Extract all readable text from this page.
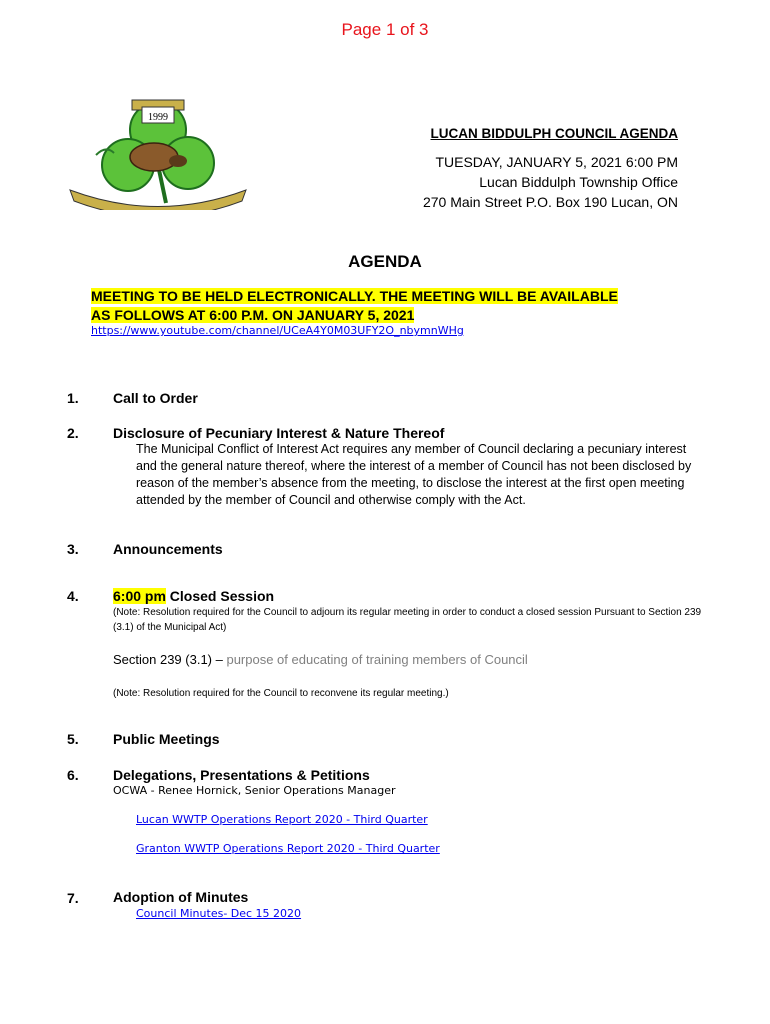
Page 1 of 3
1999
LUCAN BIDDULPH COUNCIL AGENDA
TUESDAY, JANUARY 5, 2021 6:00 PM
Lucan Biddulph Township Office
270 Main Street P.O. Box 190 Lucan, ON
AGENDA
MEETING TO BE HELD ELECTRONICALLY. THE MEETING WILL BE AVAILABLE
AS FOLLOWS AT 6:00 P.M. ON JANUARY 5, 2021
https://www.youtube.com/channel/UCeA4Y0M03UFY2O_nbymnWHg
1. Call to Order
2. Disclosure of Pecuniary Interest & Nature Thereof
The Municipal Conflict of Interest Act requires any member of Council declaring a pecuniary interest and the general nature thereof, where the interest of a member of Council has not been disclosed by reason of the member’s absence from the meeting, to disclose the interest at the first open meeting attended by the member of Council and otherwise comply with the Act.
3. Announcements
4. 6:00 pm Closed Session
(Note: Resolution required for the Council to adjourn its regular meeting in order to conduct a closed session Pursuant to Section 239 (3.1) of the Municipal Act)
Section 239 (3.1) – purpose of educating of training members of Council
(Note: Resolution required for the Council to reconvene its regular meeting.)
5. Public Meetings
6. Delegations, Presentations & Petitions
OCWA - Renee Hornick, Senior Operations Manager
Lucan WWTP Operations Report 2020 - Third Quarter
Granton WWTP Operations Report 2020 - Third Quarter
7. Adoption of Minutes
Council Minutes- Dec 15 2020
